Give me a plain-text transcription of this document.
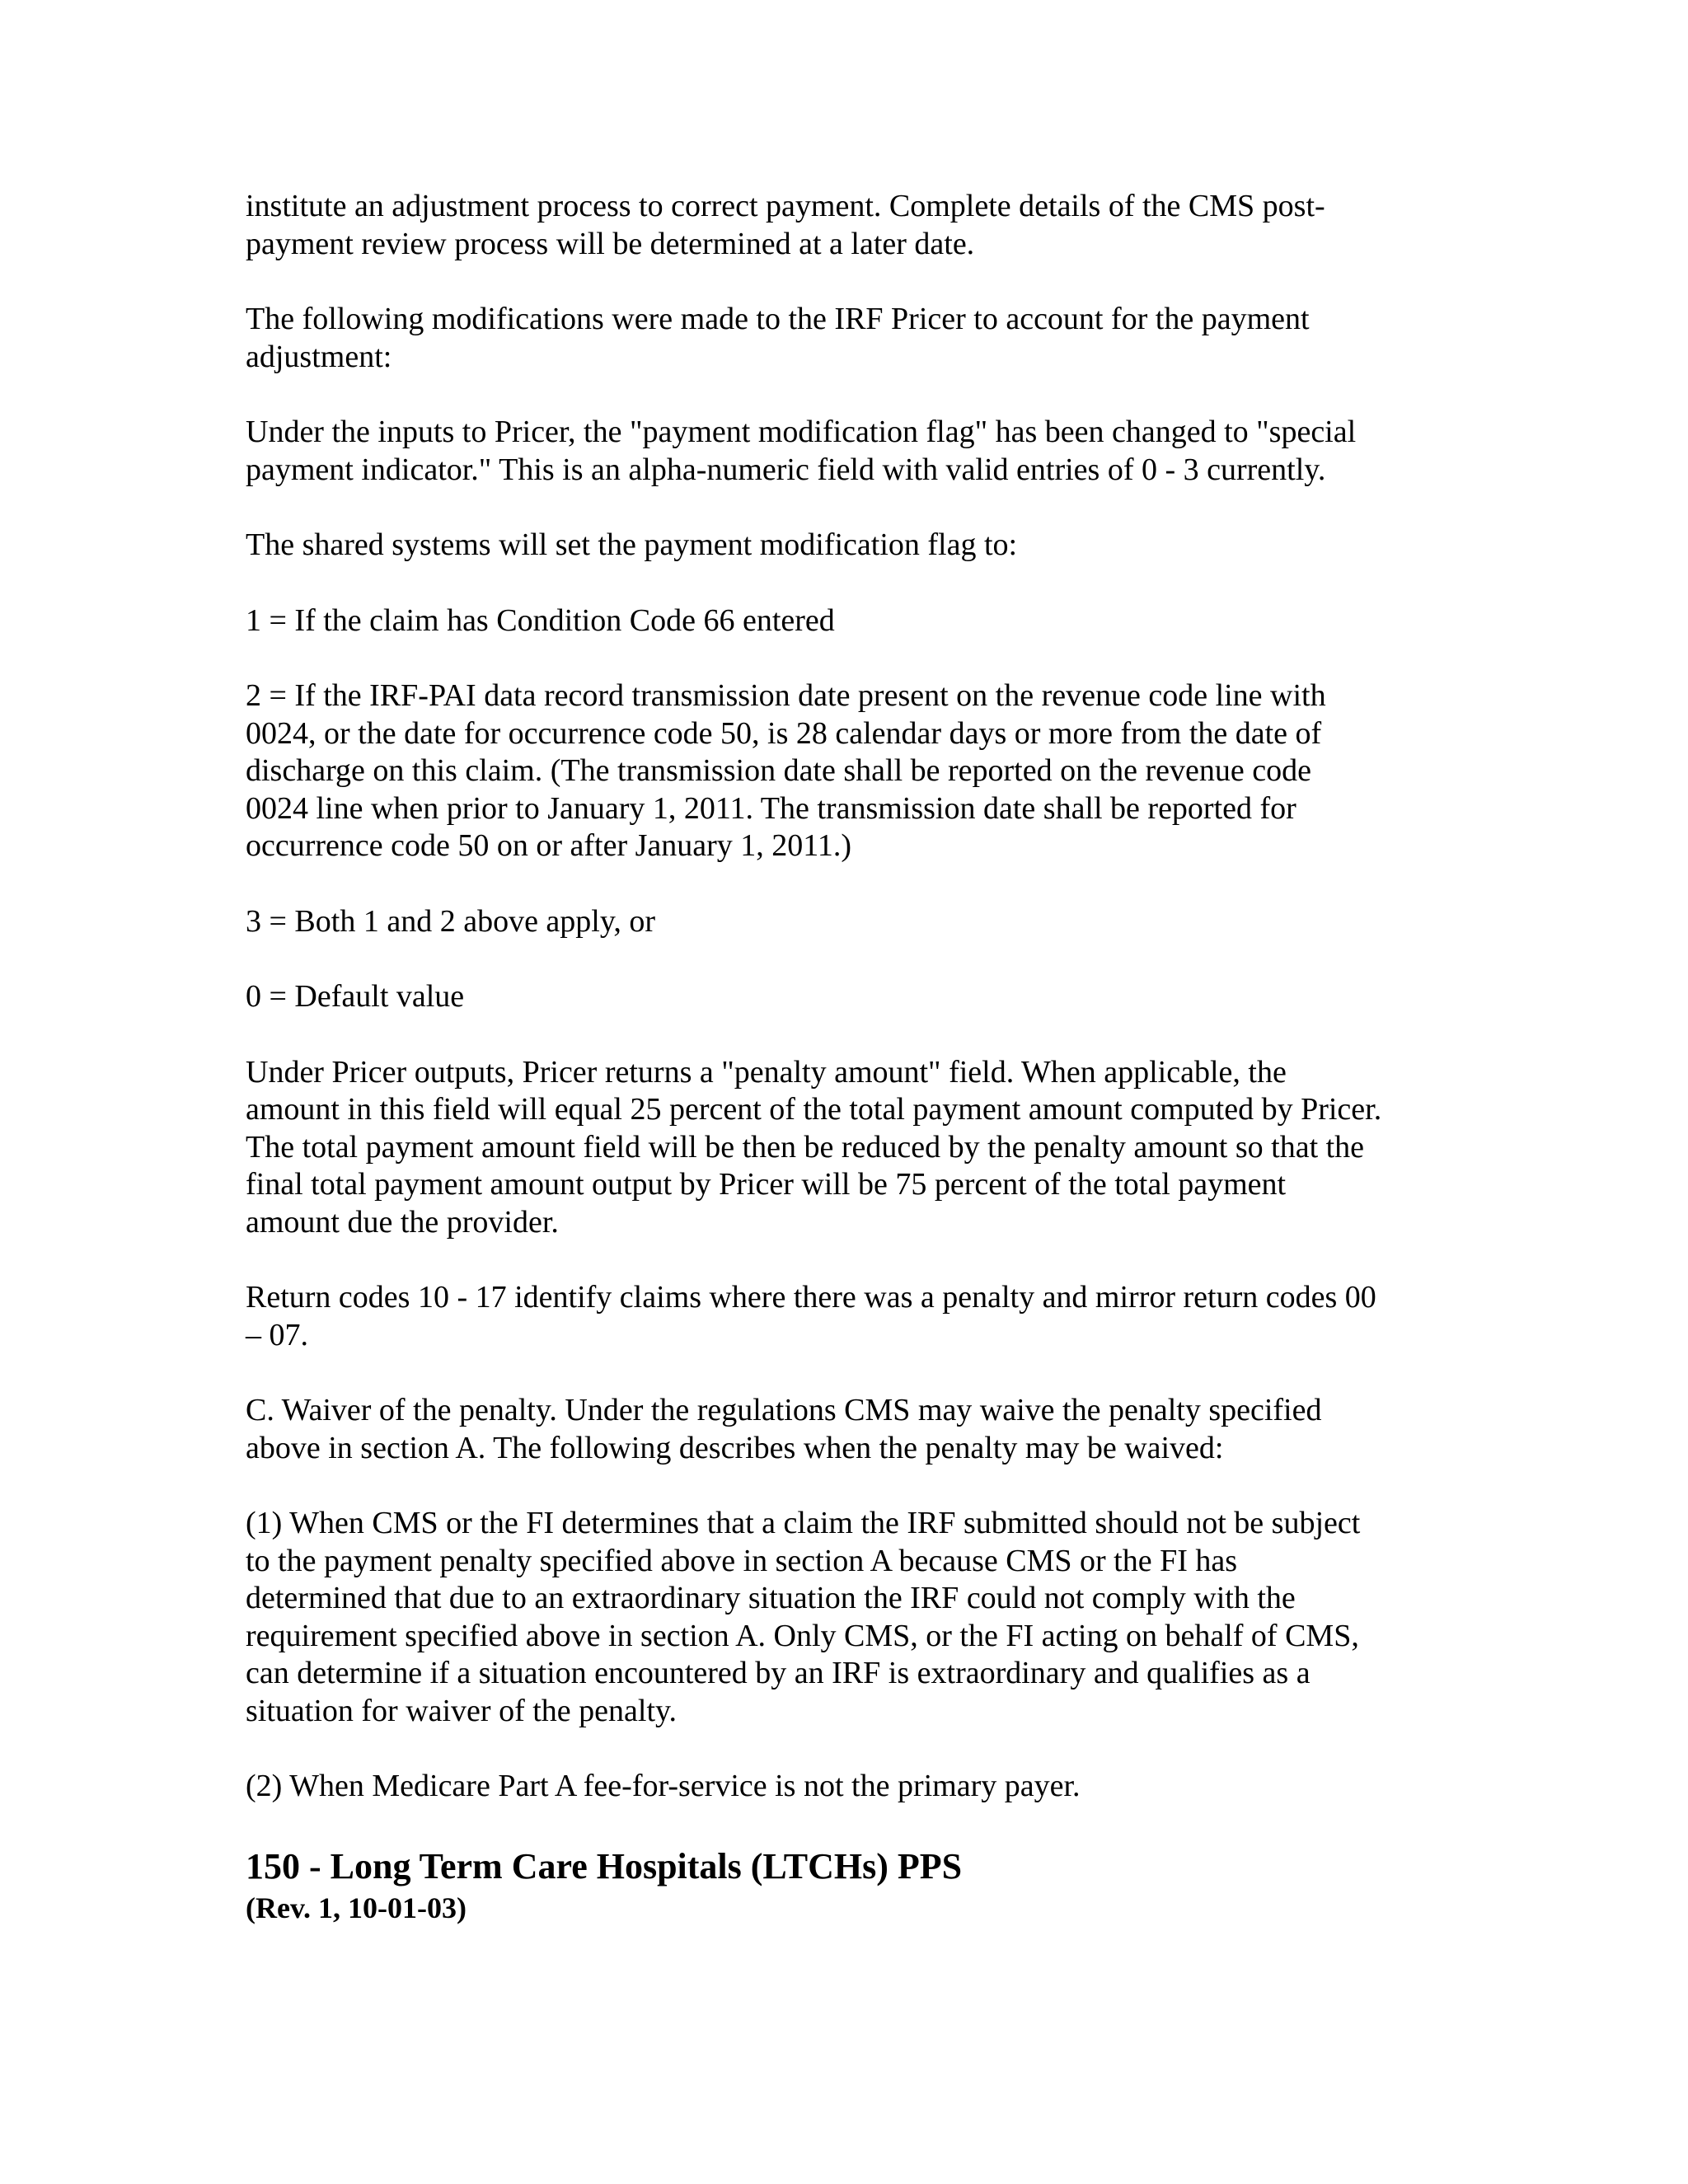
institute an adjustment process to correct payment. Complete details of the CMS post-
payment review process will be determined at a later date.

The following modifications were made to the IRF Pricer to account for the payment
adjustment:

Under the inputs to Pricer, the "payment modification flag" has been changed to "special
payment indicator." This is an alpha-numeric field with valid entries of 0 - 3 currently.

The shared systems will set the payment modification flag to:

1 = If the claim has Condition Code 66 entered

2 = If the IRF-PAI data record transmission date present on the revenue code line with
0024, or the date for occurrence code 50, is 28 calendar days or more from the date of
discharge on this claim. (The transmission date shall be reported on the revenue code
0024 line when prior to January 1, 2011. The transmission date shall be reported for
occurrence code 50 on or after January 1, 2011.)

3 = Both 1 and 2 above apply, or

0 = Default value

Under Pricer outputs, Pricer returns a "penalty amount" field. When applicable, the
amount in this field will equal 25 percent of the total payment amount computed by Pricer.
The total payment amount field will be then be reduced by the penalty amount so that the
final total payment amount output by Pricer will be 75 percent of the total payment
amount due the provider.

Return codes 10 - 17 identify claims where there was a penalty and mirror return codes 00
– 07.

C. Waiver of the penalty. Under the regulations CMS may waive the penalty specified
above in section A. The following describes when the penalty may be waived:

(1) When CMS or the FI determines that a claim the IRF submitted should not be subject
to the payment penalty specified above in section A because CMS or the FI has
determined that due to an extraordinary situation the IRF could not comply with the
requirement specified above in section A. Only CMS, or the FI acting on behalf of CMS,
can determine if a situation encountered by an IRF is extraordinary and qualifies as a
situation for waiver of the penalty.

(2) When Medicare Part A fee-for-service is not the primary payer.

150 - Long Term Care Hospitals (LTCHs) PPS
(Rev. 1, 10-01-03)
